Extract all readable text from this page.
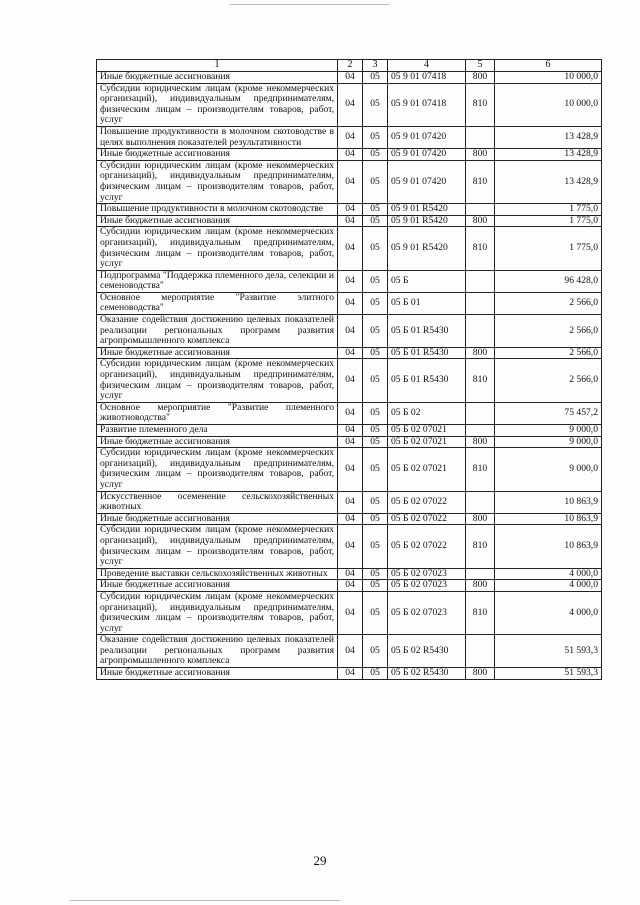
1	2	3	4	5	6
Иные бюджетные ассигнования	04	05	05 9 01 07418	800	10 000,0
Субсидии юридическим лицам (кроме некоммерческих организаций), индивидуальным предпринимателям, физическим лицам – производителям товаров, работ, услуг	04	05	05 9 01 07418	810	10 000,0
Повышение продуктивности в молочном скотоводстве в целях выполнения показателей результативности	04	05	05 9 01 07420		13 428,9
Иные бюджетные ассигнования	04	05	05 9 01 07420	800	13 428,9
Субсидии юридическим лицам (кроме некоммерческих организаций), индивидуальным предпринимателям, физическим лицам – производителям товаров, работ, услуг	04	05	05 9 01 07420	810	13 428,9
Повышение продуктивности в молочном скотоводстве	04	05	05 9 01 R5420		1 775,0
Иные бюджетные ассигнования	04	05	05 9 01 R5420	800	1 775,0
Субсидии юридическим лицам (кроме некоммерческих организаций), индивидуальным предпринимателям, физическим лицам – производителям товаров, работ, услуг	04	05	05 9 01 R5420	810	1 775,0
Подпрограмма "Поддержка племенного дела, селекции и семеноводства"	04	05	05 Б		96 428,0
Основное мероприятие "Развитие элитного семеноводства"	04	05	05 Б 01		2 566,0
Оказание содействия достижению целевых показателей реализации региональных программ развития агропромышленного комплекса	04	05	05 Б 01 R5430		2 566,0
Иные бюджетные ассигнования	04	05	05 Б 01 R5430	800	2 566,0
Субсидии юридическим лицам (кроме некоммерческих организаций), индивидуальным предпринимателям, физическим лицам – производителям товаров, работ, услуг	04	05	05 Б 01 R5430	810	2 566,0
Основное мероприятие "Развитие племенного животноводства"	04	05	05 Б 02		75 457,2
Развитие племенного дела	04	05	05 Б 02 07021		9 000,0
Иные бюджетные ассигнования	04	05	05 Б 02 07021	800	9 000,0
Субсидии юридическим лицам (кроме некоммерческих организаций), индивидуальным предпринимателям, физическим лицам – производителям товаров, работ, услуг	04	05	05 Б 02 07021	810	9 000,0
Искусственное осеменение сельскохозяйственных животных	04	05	05 Б 02 07022		10 863,9
Иные бюджетные ассигнования	04	05	05 Б 02 07022	800	10 863,9
Субсидии юридическим лицам (кроме некоммерческих организаций), индивидуальным предпринимателям, физическим лицам – производителям товаров, работ, услуг	04	05	05 Б 02 07022	810	10 863,9
Проведение выставки сельскохозяйственных животных	04	05	05 Б 02 07023		4 000,0
Иные бюджетные ассигнования	04	05	05 Б 02 07023	800	4 000,0
Субсидии юридическим лицам (кроме некоммерческих организаций), индивидуальным предпринимателям, физическим лицам – производителям товаров, работ, услуг	04	05	05 Б 02 07023	810	4 000,0
Оказание содействия достижению целевых показателей реализации региональных программ развития агропромышленного комплекса	04	05	05 Б 02 R5430		51 593,3
Иные бюджетные ассигнования	04	05	05 Б 02 R5430	800	51 593,3
29
